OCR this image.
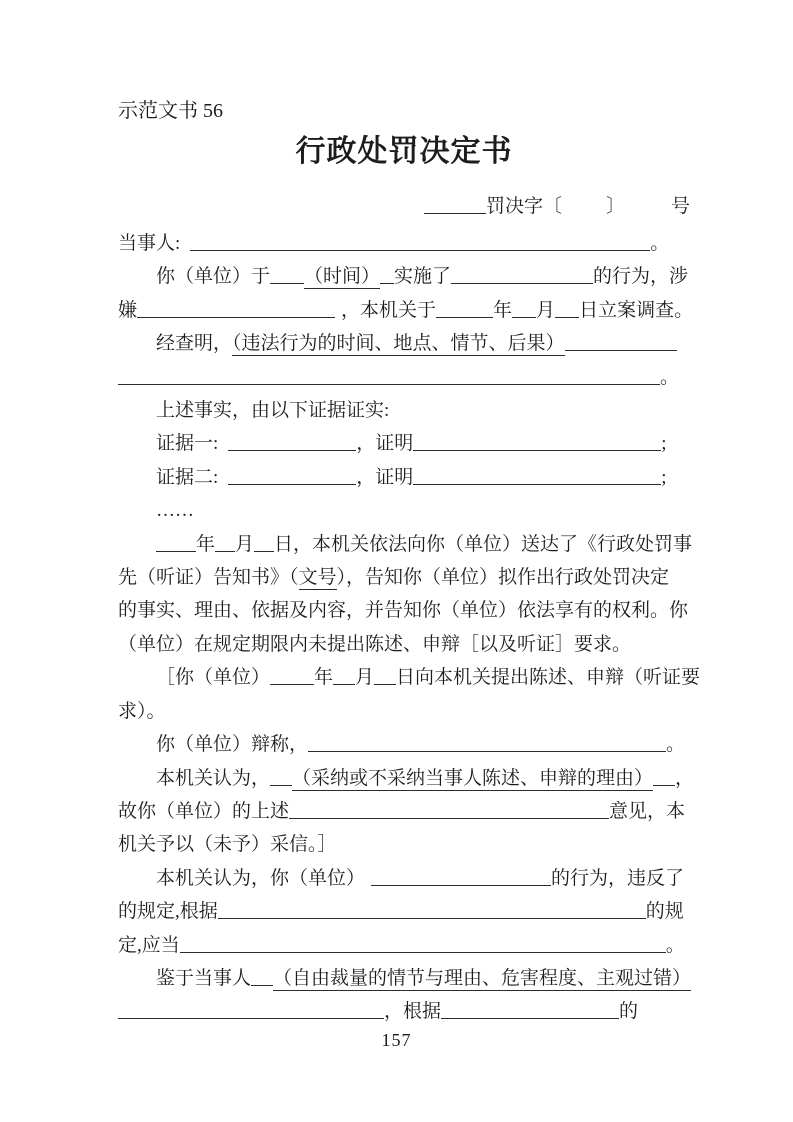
示范文书 56
行政处罚决定书
罚决字〔 〕 号

当事人:	。

你（单位）于 （时间） 实施了	的行为，涉

嫌	，本机关于	年 月 日立案调查。

经查明，（违法行为的时间、地点、情节、后果）

。

上述事实，由以下证据证实:

证据一:	，证明	;

证据二:	，证明	;

……

年 月 日，本机关依法向你（单位）送达了《行政处罚事

先（听证）告知书》（文号），告知你（单位）拟作出行政处罚决定

的事实、理由、依据及内容，并告知你（单位）依法享有的权利。你

（单位）在规定期限内未提出陈述、申辩［以及听证］要求。

［你（单位） 年 月 日向本机关提出陈述、申辩（听证要

求）。

你（单位）辩称，	。

本机关认为， （采纳或不采纳当事人陈述、申辩的理由） ，

故你（单位）的上述	意见，本

机关予以（未予）采信。］

本机关认为，你（单位）	的行为，违反了

的规定,根据	的规

定,应当	。

鉴于当事人 （自由裁量的情节与理由、危害程度、主观过错）

，根据	的

157
